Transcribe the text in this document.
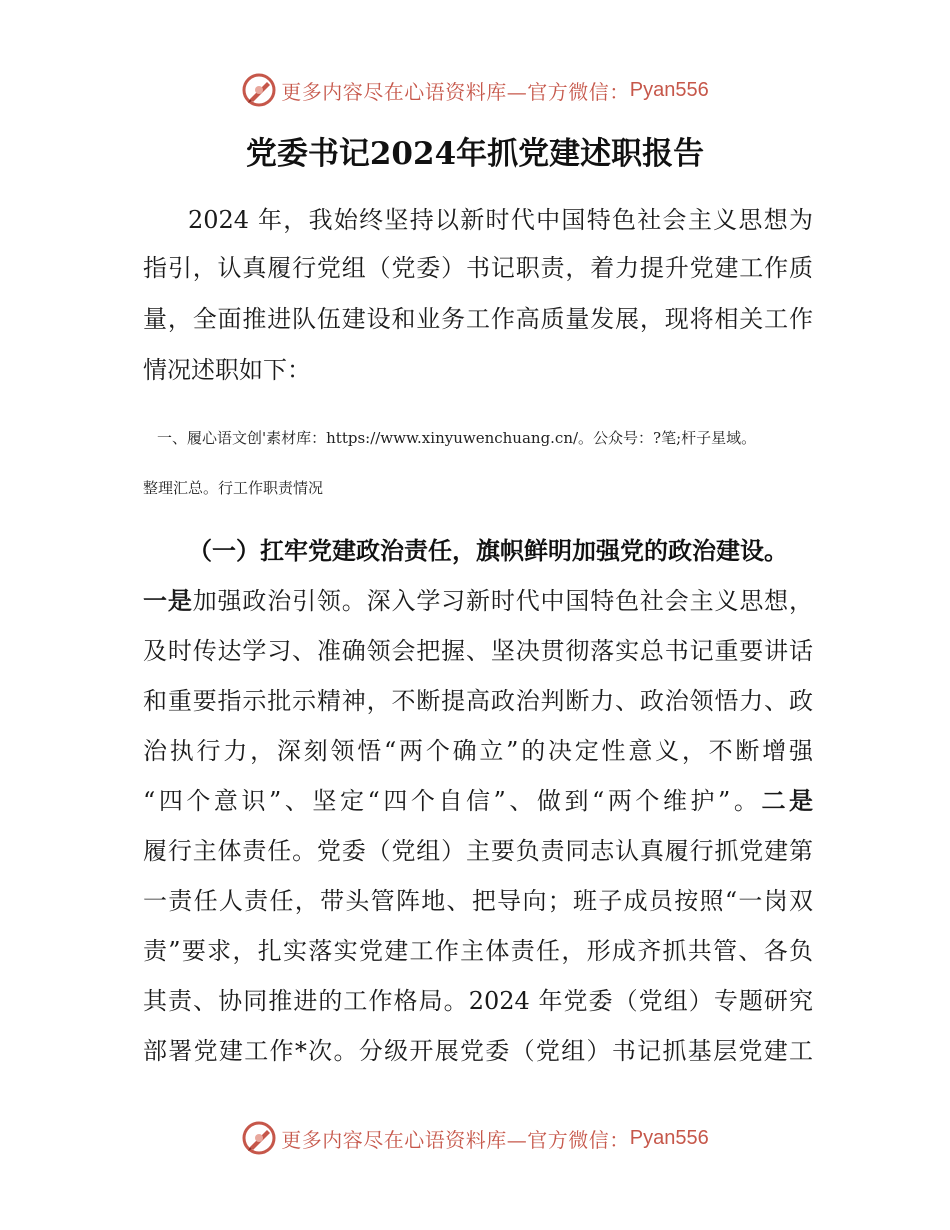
更多内容尽在心语资料库—官方微信： Pyan556
党委书记2024年抓党建述职报告
2024 年，我始终坚持以新时代中国特色社会主义思想为
指引，认真履行党组（党委）书记职责，着力提升党建工作质
量，全面推进队伍建设和业务工作高质量发展，现将相关工作
情况述职如下：
一、履心语文创'素材库：https://www.xinyuwenchuang.cn/。公众号：?笔;杆子星域。
整理汇总。行工作职责情况
（一）扛牢党建政治责任，旗帜鲜明加强党的政治建设。
一是加强政治引领。深入学习新时代中国特色社会主义思想，
及时传达学习、准确领会把握、坚决贯彻落实总书记重要讲话
和重要指示批示精神，不断提高政治判断力、政治领悟力、政
治执行力，深刻领悟“两个确立”的决定性意义，不断增强
“四个意识”、坚定“四个自信”、做到“两个维护”。二是
履行主体责任。党委（党组）主要负责同志认真履行抓党建第
一责任人责任，带头管阵地、把导向；班子成员按照“一岗双
责”要求，扎实落实党建工作主体责任，形成齐抓共管、各负
其责、协同推进的工作格局。2024 年党委（党组）专题研究
部署党建工作*次。分级开展党委（党组）书记抓基层党建工
更多内容尽在心语资料库—官方微信： Pyan556
